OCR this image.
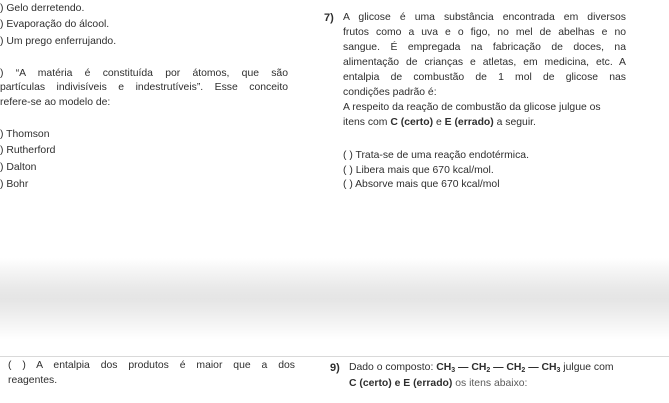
) Gelo derretendo.
) Evaporação do álcool.
) Um prego enferrujando.
) “A matéria é constituída por átomos, que são
partículas indivisíveis e indestrutíveis”. Esse conceito
refere-se ao modelo de:
) Thomson
) Rutherford
) Dalton
) Bohr
7) A glicose é uma substância encontrada em diversos
frutos como a uva e o figo, no mel de abelhas e no
sangue. É empregada na fabricação de doces, na
alimentação de crianças e atletas, em medicina, etc. A
entalpia de combustão de 1 mol de glicose nas
condições padrão é:
A respeito da reação de combustão da glicose julgue os
itens com C (certo) e E (errado) a seguir.
( ) Trata-se de uma reação endotérmica.
( ) Libera mais que 670 kcal/mol.
( ) Absorve mais que 670 kcal/mol
( ) A entalpia dos produtos é maior que a dos
reagentes.
9) Dado o composto: $CH_3$ — $CH_2$ — $CH_2$ — $CH_3$ julgue com
C (certo) e E (errado) os itens abaixo:
